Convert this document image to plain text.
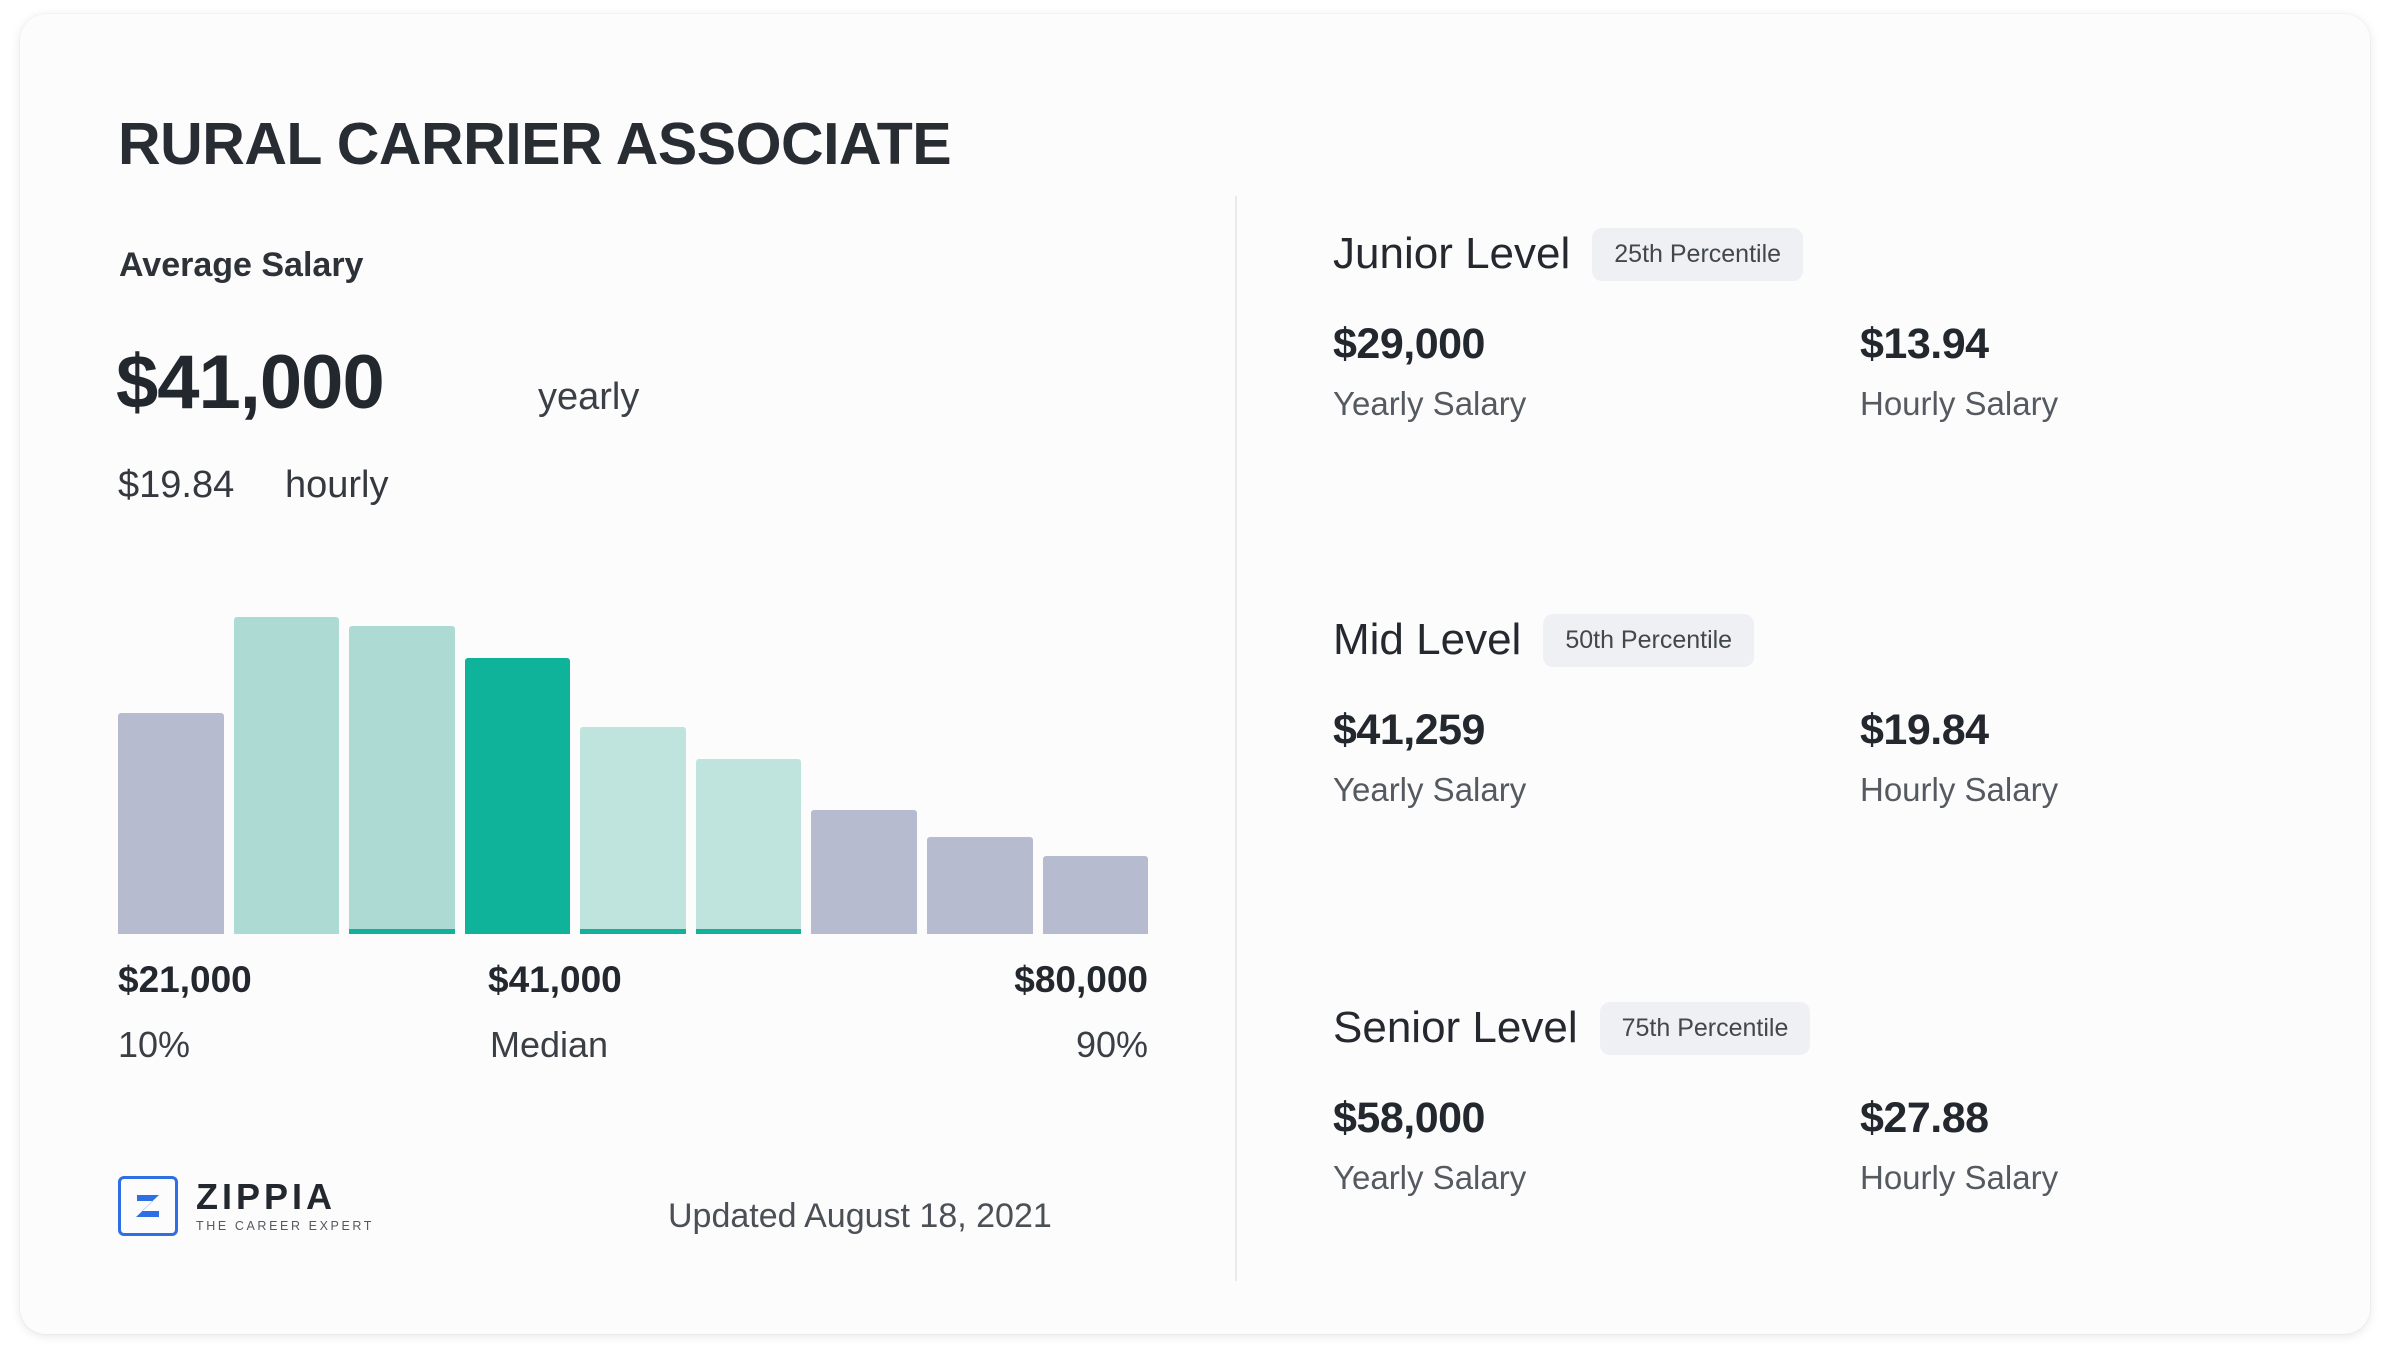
RURAL CARRIER ASSOCIATE
Average Salary
$41,000	yearly
$19.84 hourly
$21,000	$41,000	$80,000
10%	Median	90%
ZIPPIA
THE CAREER EXPERT	Updated August 18, 2021
Junior Level	25th Percentile
$29,000
Yearly Salary
$13.94
Hourly Salary
Mid Level	50th Percentile
$41,259
Yearly Salary
$19.84
Hourly Salary
Senior Level	75th Percentile
$58,000
Yearly Salary
$27.88
Hourly Salary
